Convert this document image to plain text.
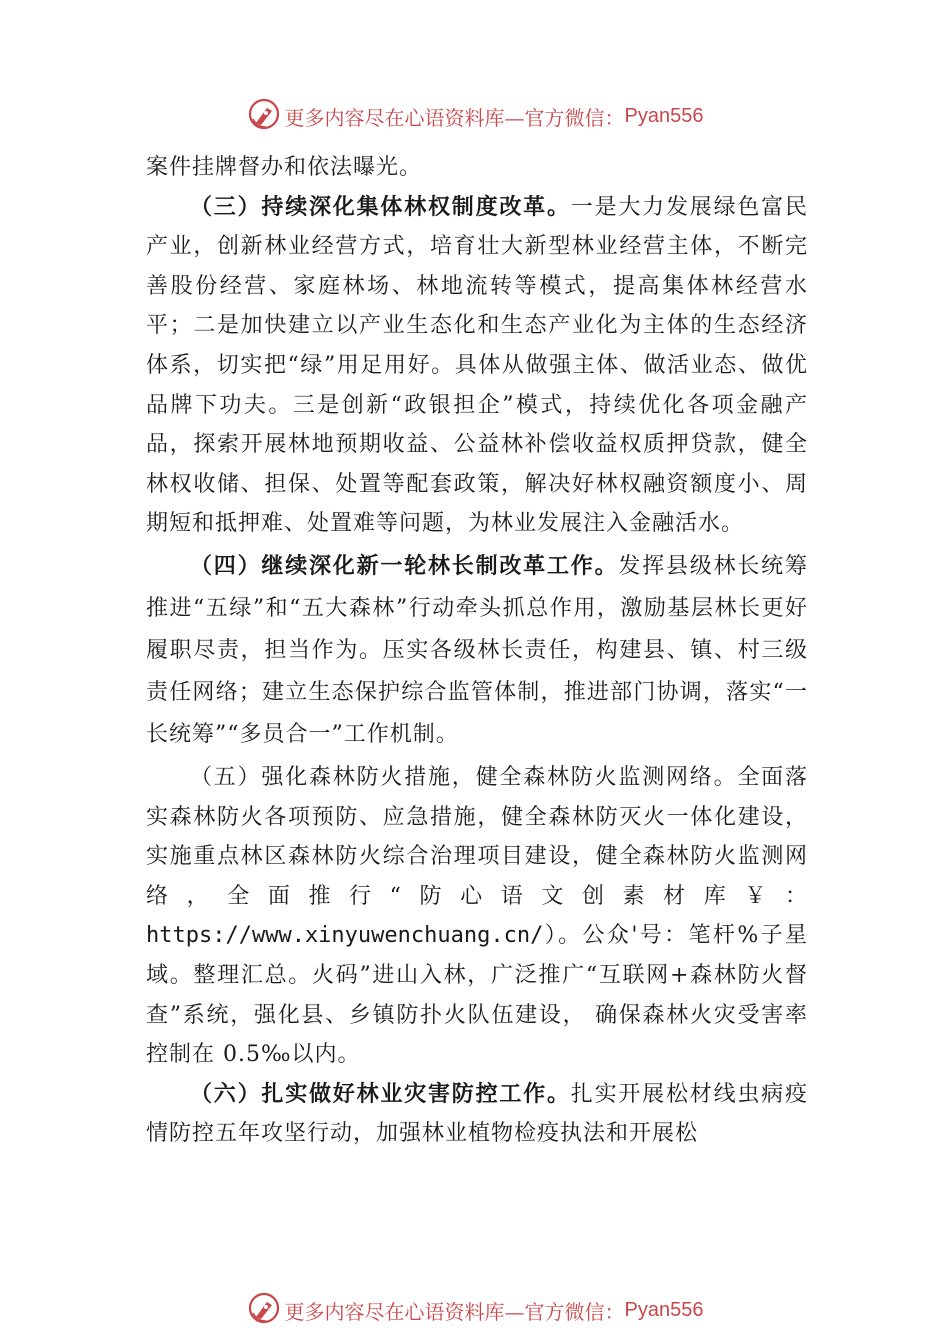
更多内容尽在心语资料库—官方微信： Pyan556

案件挂牌督办和依法曝光。

（三）持续深化集体林权制度改革。一是大力发展绿色富民产业，创新林业经营方式，培育壮大新型林业经营主体，不断完善股份经营、家庭林场、林地流转等模式，提高集体林经营水平；二是加快建立以产业生态化和生态产业化为主体的生态经济体系，切实把“绿”用足用好。具体从做强主体、做活业态、做优品牌下功夫。三是创新“政银担企”模式，持续优化各项金融产品，探索开展林地预期收益、公益林补偿收益权质押贷款，健全林权收储、担保、处置等配套政策，解决好林权融资额度小、周期短和抵押难、处置难等问题，为林业发展注入金融活水。

（四）继续深化新一轮林长制改革工作。发挥县级林长统筹推进“五绿”和“五大森林”行动牵头抓总作用，激励基层林长更好履职尽责，担当作为。压实各级林长责任，构建县、镇、村三级责任网络；建立生态保护综合监管体制，推进部门协调，落实“一长统筹”“多员合一”工作机制。

（五）强化森林防火措施，健全森林防火监测网络。全面落实森林防火各项预防、应急措施，健全森林防灭火一体化建设，实施重点林区森林防火综合治理项目建设，健全森林防火监测网络，全面推行“防心语文创素材库￥：https://www.xinyuwenchuang.cn/）。公众'号：笔杆%子星域。整理汇总。火码”进山入林，广泛推广“互联网+森林防火督查”系统，强化县、乡镇防扑火队伍建设， 确保森林火灾受害率控制在 0.5‰以内。

（六）扎实做好林业灾害防控工作。扎实开展松材线虫病疫情防控五年攻坚行动，加强林业植物检疫执法和开展松

更多内容尽在心语资料库—官方微信： Pyan556
